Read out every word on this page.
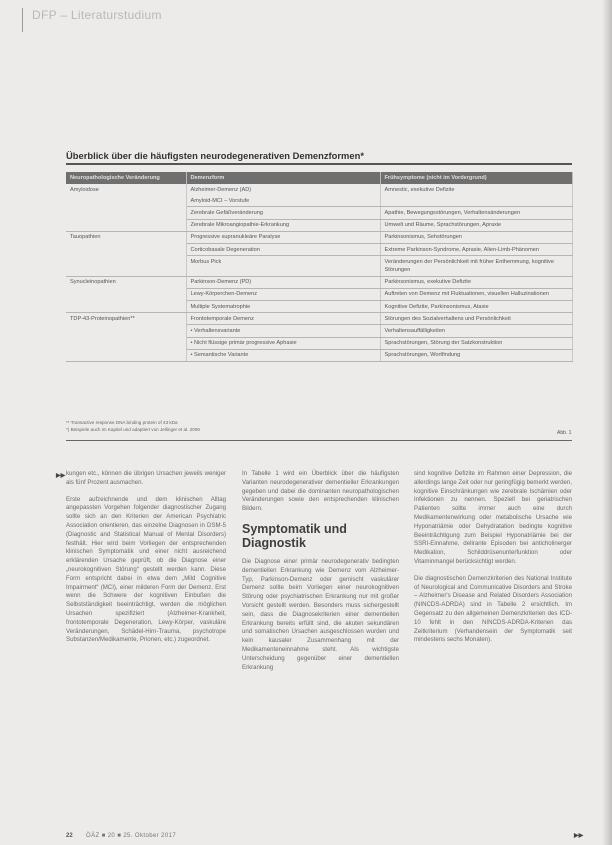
DFP – Literaturstudium
Überblick über die häufigsten neurodegenerativen Demenzformen*
Neuropathologische Veränderung	Demenzform	Frühsymptome (nicht im Vordergrund)
Amyloidose	Alzheimer-Demenz (AD)	Amnestic, exekutive Defizite
	Amyloid-MCI – Vorstufe	
	Zerebrale Gefäßveränderung	Apathie, Bewegungsstörungen, Verhaltensänderungen
	Zerebrale Mikroangiopathie-Erkrankung	Umwelt und Räume, Sprachstörungen, Apraxie
Tauopathien	Progressive supranukleäre Paralyse	Parkinsonismus, Sehstörungen
	Corticobasale Degeneration	Extreme Parkinson-Syndrome, Apraxie, Alien-Limb-Phänomen
	Morbus Pick	Veränderungen der Persönlichkeit mit früher Enthemmung, kognitive Störungen
Synucleinopathien	Parkinson-Demenz (PD)	Parkinsonismus, exekutive Defizite
	Lewy-Körperchen-Demenz	Auftreten von Demenz mit Fluktuationen, visuellen Halluzinationen
	Multiple Systematrophie	Kognitive Defizite, Parkinsonismus, Ataxie
TDP-43-Proteinopathien**	Frontotemporale Demenz	Störungen des Sozialverhaltens und Persönlichkeit
	• Verhaltensvariante	Verhaltensauffälligkeiten
	• Nicht flüssige primär progressive Aphasie	Sprachstörungen, Störung der Satzkonstruktion
	• Semantische Variante	Sprachstörungen, Wortfindung
** Transactive response DNA binding protein of 43 kDa
*) Beispiele auch im Kapitel und adaptiert von Jellinger et al. 2009
Abb. 1
▶▶ kungen etc., können die übrigen Ursachen jeweils weniger als fünf Prozent ausmachen.

Erste aufzeichnende und dem klinischen Alltag angepassten Vorgehen folgender diagnostischer Zugang sollte sich an den Kriterien der American Psychiatric Association orientieren, das einzelne Diagnosen in DSM-5 (Diagnostic and Statistical Manual of Mental Disorders) festhält. Hier wird beim Vorliegen der entsprechenden klinischen Symptomatik und einer nicht ausreichend erklärenden Ursache geprüft, ob die Diagnose einer „neurokognitiven Störung“ gestellt werden kann. Diese Form entspricht dabei in etwa dem „Mild Cognitive Impairment“ (MCI), einer milderen Form der Demenz. Erst wenn die Schwere der kognitiven Einbußen die Selbstständigkeit beeinträchtigt, werden die möglichen Ursachen spezifiziert (Alzheimer-Krankheit, frontotemporale Degeneration, Lewy-Körper, vaskuläre Veränderungen, Schädel-Hirn-Trauma, psychotrope Substanzen/Medikamente, Prionen, etc.) zugeordnet.

In Tabelle 1 wird ein Überblick über die häufigsten Varianten neurodegenerativer dementieller Erkrankungen gegeben und dabei die dominanten neuropathologischen Veränderungen sowie den entsprechenden klinischen Bildern.

Symptomatik und Diagnostik

Die Diagnose einer primär neurodegenerativ bedingten dementiellen Erkrankung wie Demenz vom Alzheimer-Typ, Parkinson-Demenz oder gemischt vaskulärer Demenz sollte beim Vorliegen einer neurokognitiven Störung oder psychiatrischen Erkrankung nur mit großer Vorsicht gestellt werden. Besonders muss sichergestellt sein, dass die Diagnosekriterien einer dementiellen Erkrankung bereits erfüllt sind, die akuten sekundären und somatischen Ursachen ausgeschlossen wurden und kein kausaler Zusammenhang mit der Medikamenteneinnahme steht. Als wichtigste Unterscheidung gegenüber einer dementiellen Erkrankung

sind kognitive Defizite im Rahmen einer Depression, die allerdings lange Zeit oder nur geringfügig bemerkt werden, kognitive Einschränkungen wie zerebrale Ischämien oder Infektionen zu nennen. Speziell bei geriatrischen Patienten sollte immer auch eine durch Medikamentenwirkung oder metabolische Ursache wie Hyponatriämie oder Dehydratation bedingte kognitive Beeinträchtigung zum Beispiel Hyponatriämie bei der SSRI-Einnahme, delirante Episoden bei anticholinerger Medikation, Schilddrüsenunterfunktion oder Vitaminmangel berücksichtigt werden.

Die diagnostischen Demenzkriterien des National Institute of Neurological and Communicative Disorders and Stroke – Alzheimer's Disease and Related Disorders Association (NINCDS-ADRDA) sind in Tabelle 2 ersichtlich. Im Gegensatz zu den allgemeinen Demenzkriterien des ICD-10 fehlt in den NINCDS-ADRDA-Kriterien das Zeitkriterium (Verhandensein der Symptomatik seit mindestens sechs Monaten).

▶▶
22 ÖÄZ ■ 20 ■ 25. Oktober 2017
